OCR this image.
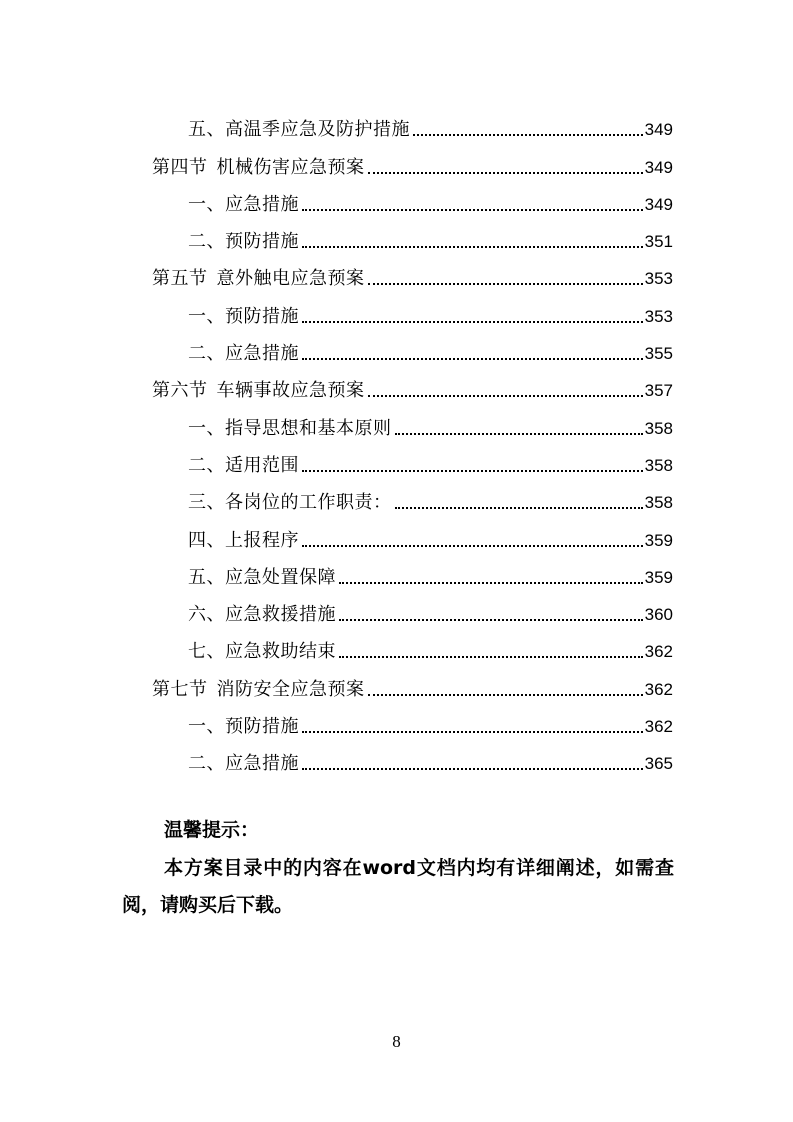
五、高温季应急及防护措施	349
第四节 机械伤害应急预案	349
一、应急措施	349
二、预防措施	351
第五节 意外触电应急预案	353
一、预防措施	353
二、应急措施	355
第六节 车辆事故应急预案	357
一、指导思想和基本原则	358
二、适用范围	358
三、各岗位的工作职责：	358
四、上报程序	359
五、应急处置保障	359
六、应急救援措施	360
七、应急救助结束	362
第七节 消防安全应急预案	362
一、预防措施	362
二、应急措施	365
温馨提示：
本方案目录中的内容在word文档内均有详细阐述，如需查阅，请购买后下载。
8
